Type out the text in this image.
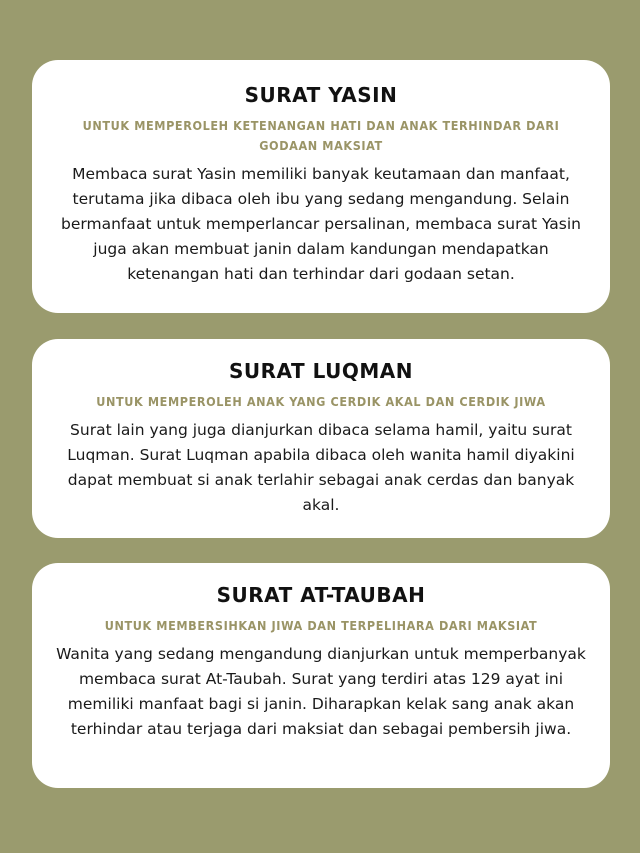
SURAT YASIN

UNTUK MEMPEROLEH KETENANGAN HATI DAN ANAK TERHINDAR DARI GODAAN MAKSIAT

Membaca surat Yasin memiliki banyak keutamaan dan manfaat, terutama jika dibaca oleh ibu yang sedang mengandung. Selain bermanfaat untuk memperlancar persalinan, membaca surat Yasin juga akan membuat janin dalam kandungan mendapatkan ketenangan hati dan terhindar dari godaan setan.

SURAT LUQMAN

UNTUK MEMPEROLEH ANAK YANG CERDIK AKAL DAN CERDIK JIWA

Surat lain yang juga dianjurkan dibaca selama hamil, yaitu surat Luqman. Surat Luqman apabila dibaca oleh wanita hamil diyakini dapat membuat si anak terlahir sebagai anak cerdas dan banyak akal.

SURAT AT-TAUBAH

UNTUK MEMBERSIHKAN JIWA DAN TERPELIHARA DARI MAKSIAT

Wanita yang sedang mengandung dianjurkan untuk memperbanyak membaca surat At-Taubah. Surat yang terdiri atas 129 ayat ini memiliki manfaat bagi si janin. Diharapkan kelak sang anak akan terhindar atau terjaga dari maksiat dan sebagai pembersih jiwa.
